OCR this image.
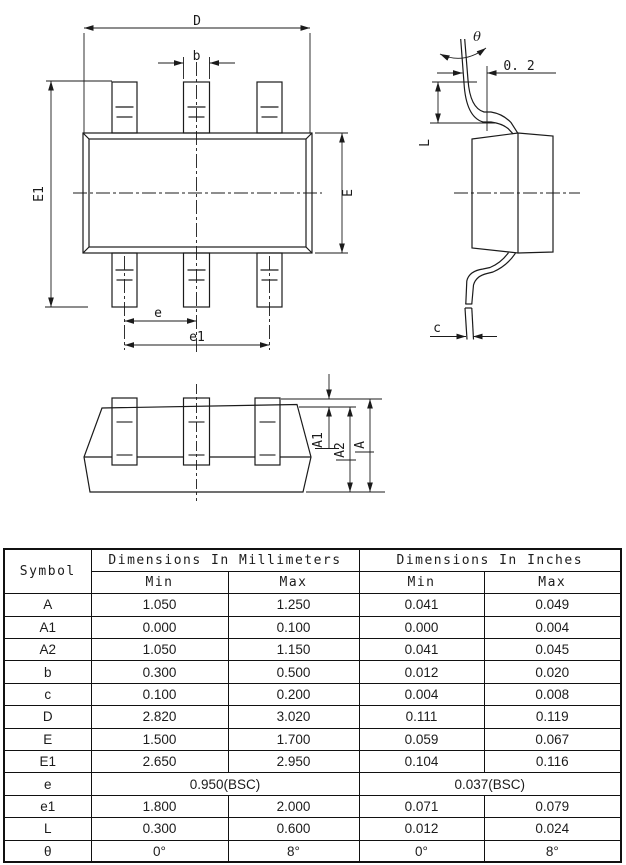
D
b
E1	E
e
e1
θ
0. 2
L
c
A1
A2 A
Symbol	Dimensions In Millimeters		Dimensions In Inches	
	Min	Max	Min	Max
A	1.050	1.250	0.041	0.049
A1	0.000	0.100	0.000	0.004
A2	1.050	1.150	0.041	0.045
b	0.300	0.500	0.012	0.020
c	0.100	0.200	0.004	0.008
D	2.820	3.020	0.111	0.119
E	1.500	1.700	0.059	0.067
E1	2.650	2.950	0.104	0.116
e	0.950(BSC)		0.037(BSC)	
e1	1.800	2.000	0.071	0.079
L	0.300	0.600	0.012	0.024
θ	0°	8°	0°	8°
